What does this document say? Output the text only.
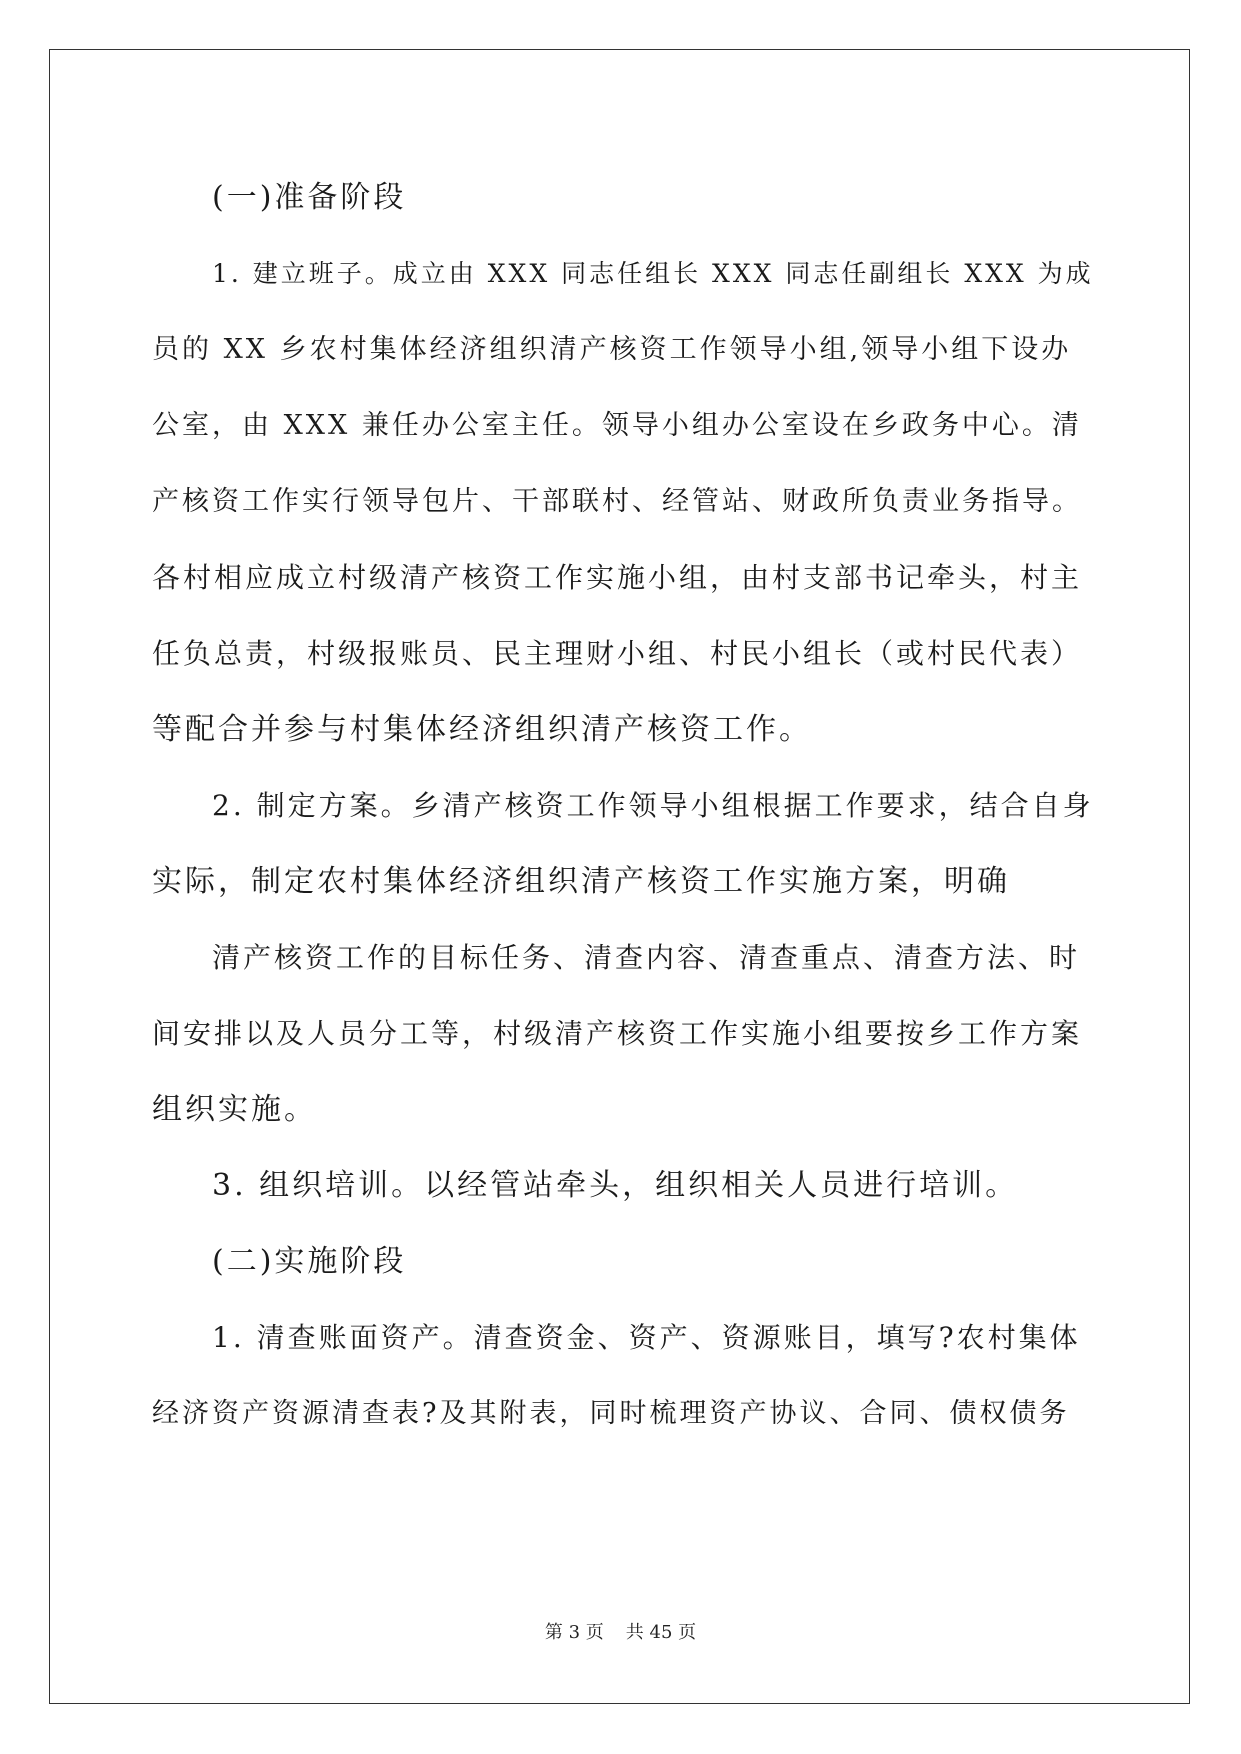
(一)准备阶段

1. 建立班子。成立由 XXX 同志任组长 XXX 同志任副组长 XXX 为成

员的 XX 乡农村集体经济组织清产核资工作领导小组,领导小组下设办

公室，由 XXX 兼任办公室主任。领导小组办公室设在乡政务中心。清

产核资工作实行领导包片、干部联村、经管站、财政所负责业务指导。

各村相应成立村级清产核资工作实施小组，由村支部书记牵头，村主

任负总责，村级报账员、民主理财小组、村民小组长（或村民代表）

等配合并参与村集体经济组织清产核资工作。

2. 制定方案。乡清产核资工作领导小组根据工作要求，结合自身

实际，制定农村集体经济组织清产核资工作实施方案，明确

清产核资工作的目标任务、清查内容、清查重点、清查方法、时

间安排以及人员分工等，村级清产核资工作实施小组要按乡工作方案

组织实施。

3. 组织培训。以经管站牵头，组织相关人员进行培训。

(二)实施阶段

1. 清查账面资产。清查资金、资产、资源账目，填写?农村集体

经济资产资源清查表?及其附表，同时梳理资产协议、合同、债权债务

第 3 页 共 45 页
